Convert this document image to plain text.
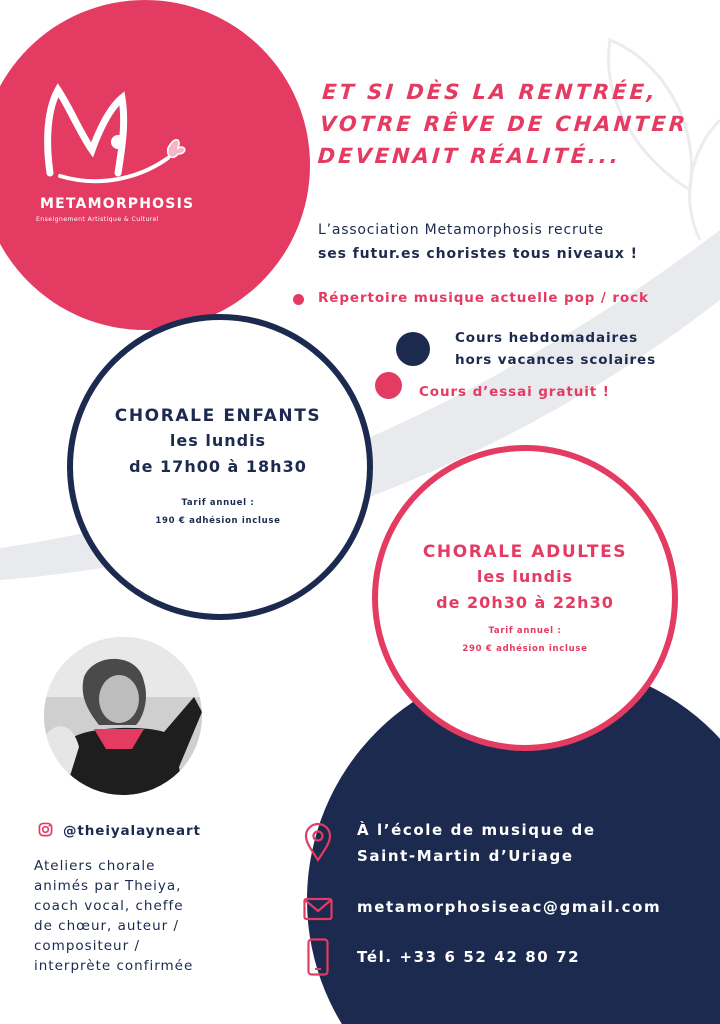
METAMORPHOSIS
Enseignement Artistique & Culturel
ET SI DÈS LA RENTRÉE,
VOTRE RÊVE DE CHANTER
DEVENAIT RÉALITÉ...
L’association Metamorphosis recrute
ses futur.es choristes tous niveaux !
Répertoire musique actuelle pop / rock
Cours hebdomadaires
hors vacances scolaires
Cours d’essai gratuit !
CHORALE ENFANTS
les lundis
de 17h00 à 18h30
Tarif annuel :
190 € adhésion incluse
CHORALE ADULTES
les lundis
de 20h30 à 22h30
Tarif annuel :
290 € adhésion incluse
@theiyalayneart
Ateliers chorale
animés par Theiya,
coach vocal, cheffe
de chœur, auteur /
compositeur /
interprète confirmée
À l’école de musique de
Saint-Martin d’Uriage
metamorphosiseac@gmail.com
Tél. +33 6 52 42 80 72
